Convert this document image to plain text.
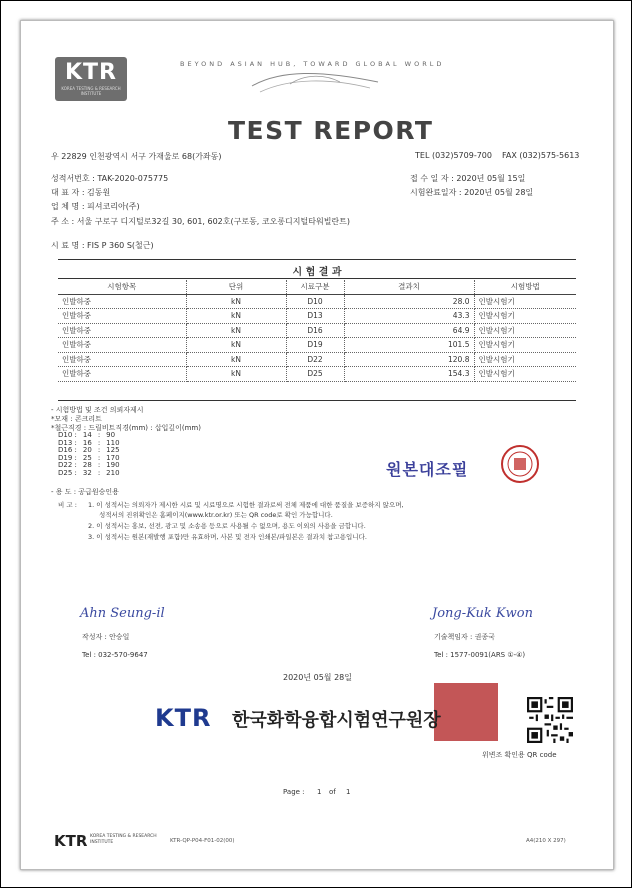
KTR
KOREA TESTING & RESEARCH INSTITUTE
BEYOND ASIAN HUB, TOWARD GLOBAL WORLD
TEST REPORT
우 22829 인천광역시 서구 가재울로 68(가좌동)	TEL (032)5709-700 FAX (032)575-5613
성적서번호 : TAK-2020-075775	접 수 일 자 : 2020년 05월 15일
대 표 자 : 김동원	시험완료일자 : 2020년 05월 28일
업 체 명 : 피셔코리아(주)
주 소 : 서울 구로구 디지털로32길 30, 601, 602호(구로동, 코오롱디지털타워빌란트)
시 료 명 : FIS P 360 S(철근)
시 험 결 과
시험항목	단위	시료구분	결과치	시험방법
인발하중	kN	D10	28.0	인발시험기
인발하중	kN	D13	43.3	인발시험기
인발하중	kN	D16	64.9	인발시험기
인발하중	kN	D19	101.5	인발시험기
인발하중	kN	D22	120.8	인발시험기
인발하중	kN	D25	154.3	인발시험기
- 시험방법 및 조건 의뢰자제시
*모재 : 콘크리트
*철근직경 : 드릴비트직경(mm) : 삽입깊이(mm)
D10 :	14	:	90
D13 :	16	:	110
D16 :	20	:	125
D19 :	25	:	170
D22 :	28	:	190
D25 :	32	:	210
- 용 도 : 공급원승인용
원본대조필
비 고 : 1. 이 성적서는 의뢰자가 제시한 시료 및 시료명으로 시험한 결과로써 전체 제품에 대한 품질을 보증하지 않으며,
성적서의 진위확인은 홈페이지(www.ktr.or.kr) 또는 QR code로 확인 가능합니다.
2. 이 성적서는 홍보, 선전, 광고 및 소송용 등으로 사용될 수 없으며, 용도 이외의 사용을 금합니다.
3. 이 성적서는 원본(재발행 포함)만 유효하며, 사본 및 전자 인쇄본/파일본은 결과치 참고용입니다.
Ahn Seung-il
작성자 : 안승일
Tel : 032-570-9647
Jong-Kuk Kwon
기술책임자 : 권종국
Tel : 1577-0091(ARS ①-④)
2020년 05월 28일
KTR 한국화학융합시험연구원장
위변조 확인용 QR code
Page : 1 of 1
KTR KOREA TESTING & RESEARCH INSTITUTE	KTR-QP-P04-F01-02(00)	A4(210 X 297)
